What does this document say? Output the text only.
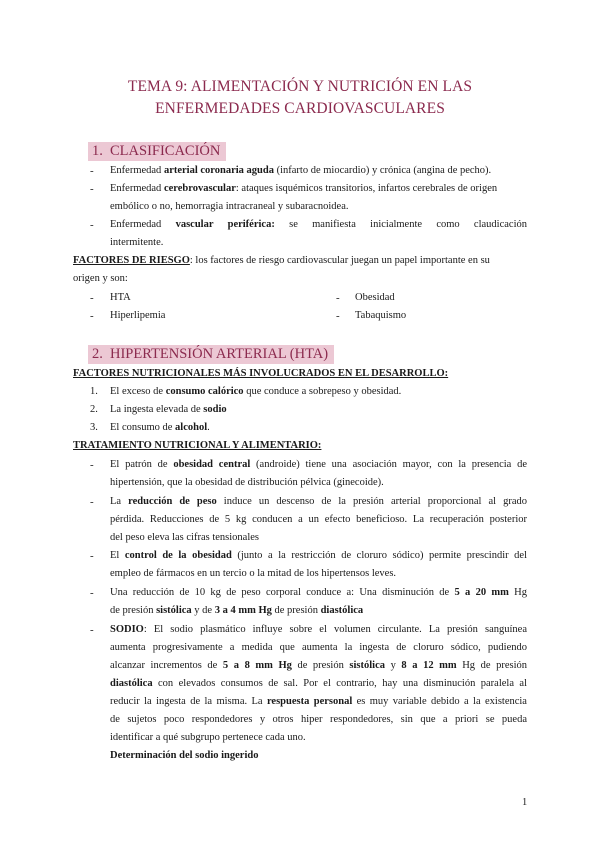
TEMA 9: ALIMENTACIÓN Y NUTRICIÓN EN LAS
ENFERMEDADES CARDIOVASCULARES
1. CLASIFICACIÓN
- Enfermedad arterial coronaria aguda (infarto de miocardio) y crónica (angina de pecho).
- Enfermedad cerebrovascular: ataques isquémicos transitorios, infartos cerebrales de origen
embólico o no, hemorragia intracraneal y subaracnoidea.
- Enfermedad vascular periférica: se manifiesta inicialmente como claudicación
intermitente.
FACTORES DE RIESGO: los factores de riesgo cardiovascular juegan un papel importante en su
origen y son:
- HTA	- Obesidad
- Hiperlipemia	- Tabaquismo
2. HIPERTENSIÓN ARTERIAL (HTA)
FACTORES NUTRICIONALES MÁS INVOLUCRADOS EN EL DESARROLLO:
1. El exceso de consumo calórico que conduce a sobrepeso y obesidad.
2. La ingesta elevada de sodio
3. El consumo de alcohol.
TRATAMIENTO NUTRICIONAL Y ALIMENTARIO:
- El patrón de obesidad central (androide) tiene una asociación mayor, con la presencia de
hipertensión, que la obesidad de distribución pélvica (ginecoide).
- La reducción de peso induce un descenso de la presión arterial proporcional al grado
pérdida. Reducciones de 5 kg conducen a un efecto beneficioso. La recuperación posterior
del peso eleva las cifras tensionales
- El control de la obesidad (junto a la restricción de cloruro sódico) permite prescindir del
empleo de fármacos en un tercio o la mitad de los hipertensos leves.
- Una reducción de 10 kg de peso corporal conduce a: Una disminución de 5 a 20 mm Hg
de presión sistólica y de 3 a 4 mm Hg de presión diastólica
- SODIO: El sodio plasmático influye sobre el volumen circulante. La presión sanguínea
aumenta progresivamente a medida que aumenta la ingesta de cloruro sódico, pudiendo
alcanzar incrementos de 5 a 8 mm Hg de presión sistólica y 8 a 12 mm Hg de presión
diastólica con elevados consumos de sal. Por el contrario, hay una disminución paralela al
reducir la ingesta de la misma. La respuesta personal es muy variable debido a la existencia
de sujetos poco respondedores y otros hiper respondedores, sin que a priori se pueda
identificar a qué subgrupo pertenece cada uno.
Determinación del sodio ingerido
1
